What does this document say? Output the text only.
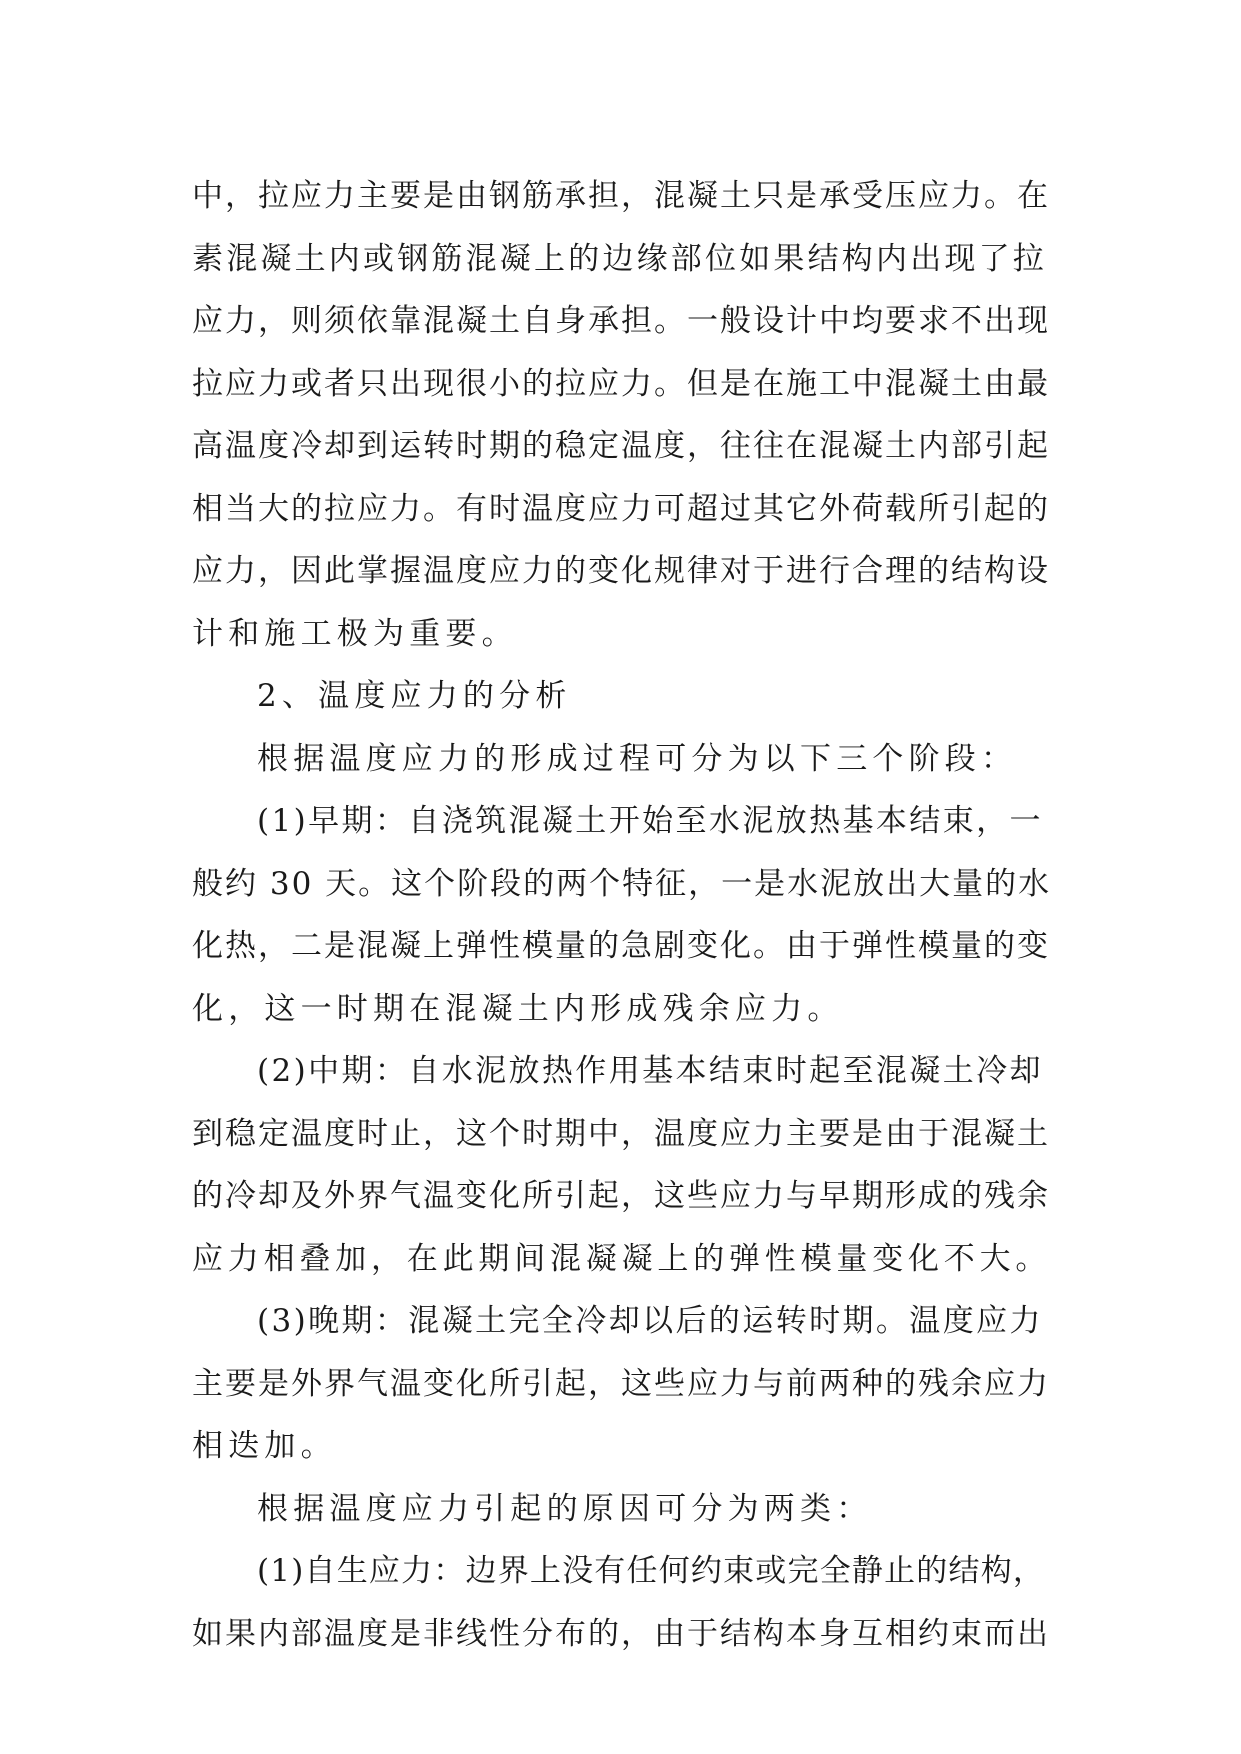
中，拉应力主要是由钢筋承担，混凝土只是承受压应力。在
素混凝土内或钢筋混凝上的边缘部位如果结构内出现了拉
应力，则须依靠混凝土自身承担。一般设计中均要求不出现
拉应力或者只出现很小的拉应力。但是在施工中混凝土由最
高温度冷却到运转时期的稳定温度，往往在混凝土内部引起
相当大的拉应力。有时温度应力可超过其它外荷载所引起的
应力，因此掌握温度应力的变化规律对于进行合理的结构设
计和施工极为重要。
2、温度应力的分析
根据温度应力的形成过程可分为以下三个阶段：
(1)早期：自浇筑混凝土开始至水泥放热基本结束，一
般约 30 天。这个阶段的两个特征，一是水泥放出大量的水
化热，二是混凝上弹性模量的急剧变化。由于弹性模量的变
化，这一时期在混凝土内形成残余应力。
(2)中期：自水泥放热作用基本结束时起至混凝土冷却
到稳定温度时止，这个时期中，温度应力主要是由于混凝土
的冷却及外界气温变化所引起，这些应力与早期形成的残余
应力相叠加，在此期间混凝凝上的弹性模量变化不大。
(3)晚期：混凝土完全冷却以后的运转时期。温度应力
主要是外界气温变化所引起，这些应力与前两种的残余应力
相迭加。
根据温度应力引起的原因可分为两类：
(1)自生应力：边界上没有任何约束或完全静止的结构，
如果内部温度是非线性分布的，由于结构本身互相约束而出
